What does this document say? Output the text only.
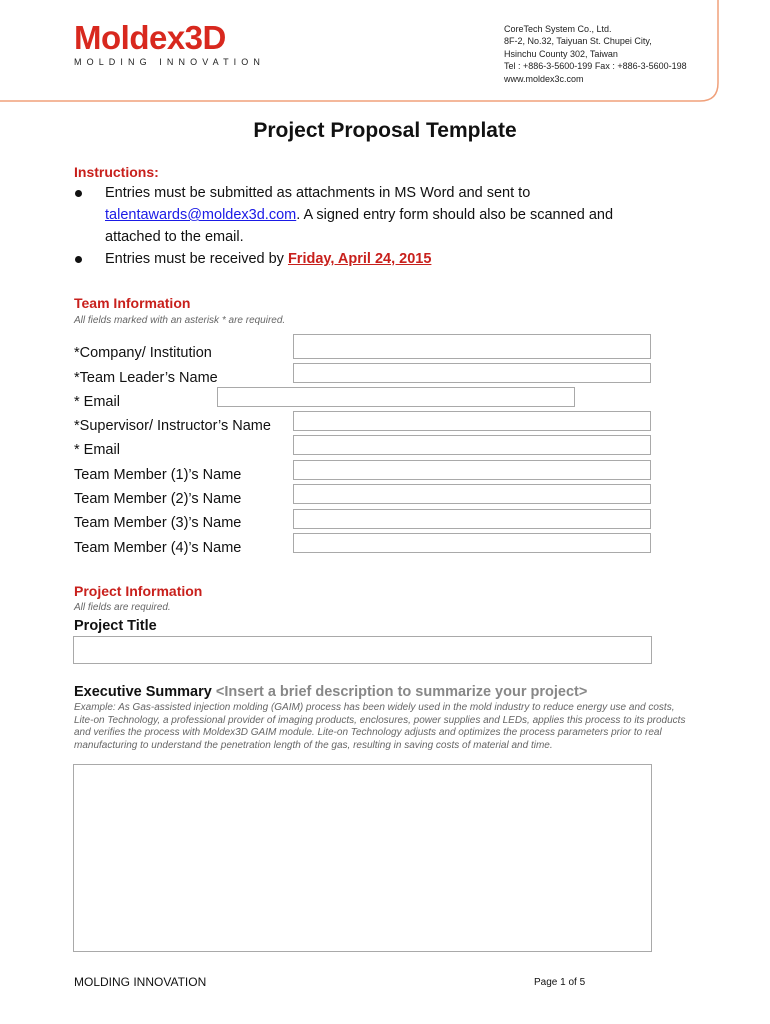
Moldex3D
MOLDING INNOVATION
CoreTech System Co., Ltd.
8F-2, No.32, Taiyuan St. Chupei City,
Hsinchu County 302, Taiwan
Tel : +886-3-5600-199 Fax : +886-3-5600-198
www.moldex3c.com
Project Proposal Template
Instructions:
Entries must be submitted as attachments in MS Word and sent to
talentawards@moldex3d.com. A signed entry form should also be scanned and
attached to the email.
Entries must be received by Friday, April 24, 2015
Team Information
All fields marked with an asterisk * are required.
*Company/ Institution
*Team Leader’s Name
* Email
*Supervisor/ Instructor’s Name
* Email
Team Member (1)’s Name
Team Member (2)’s Name
Team Member (3)’s Name
Team Member (4)’s Name
Project Information
All fields are required.
Project Title
Executive Summary <Insert a brief description to summarize your project>
Example: As Gas-assisted injection molding (GAIM) process has been widely used in the mold industry to reduce energy use and costs, Lite-on Technology, a professional provider of imaging products, enclosures, power supplies and LEDs, applies this process to its products and verifies the process with Moldex3D GAIM module. Lite-on Technology adjusts and optimizes the process parameters prior to real manufacturing to understand the penetration length of the gas, resulting in saving costs of material and time.
MOLDING INNOVATION	Page 1 of 5
